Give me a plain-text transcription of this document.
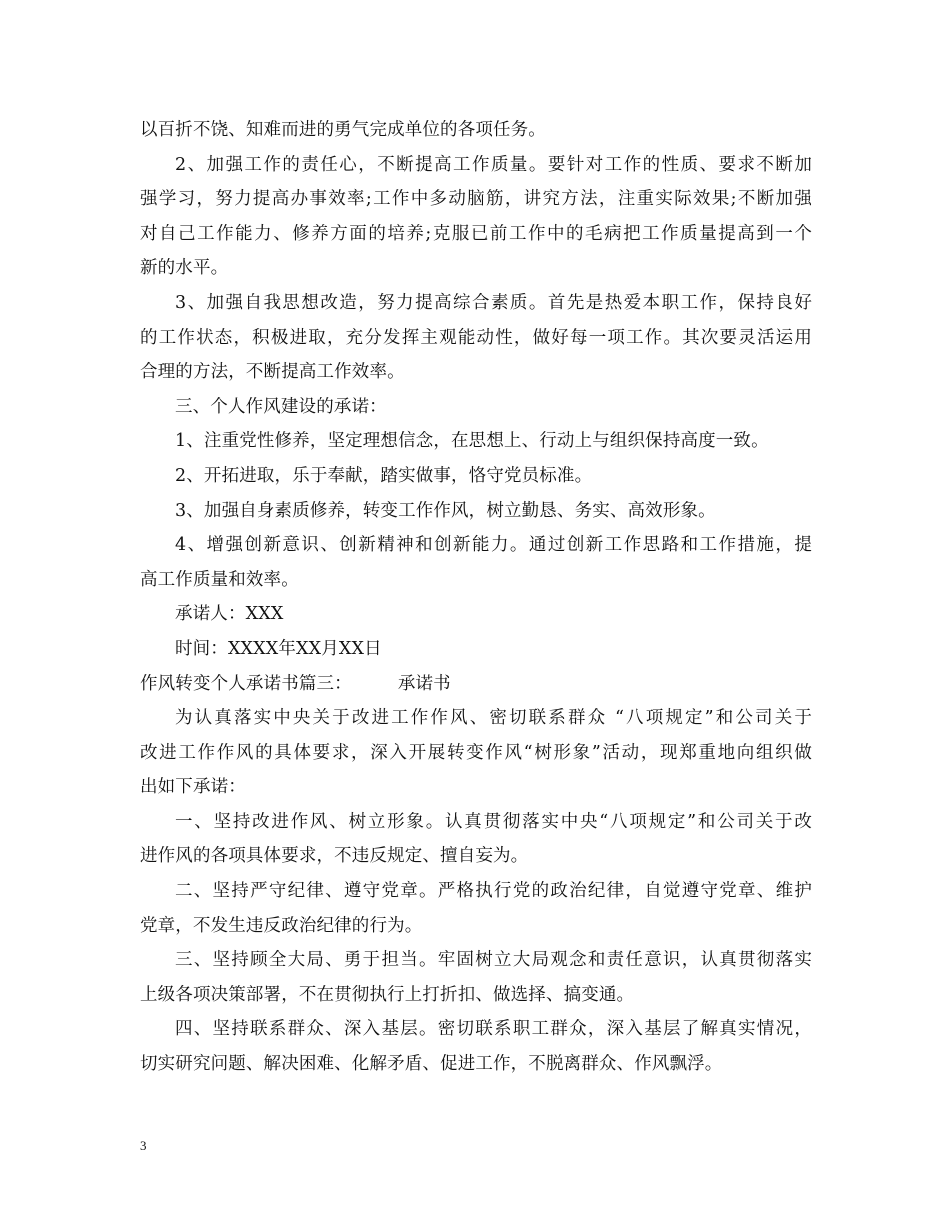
以百折不饶、知难而进的勇气完成单位的各项任务。
2、加强工作的责任心，不断提高工作质量。要针对工作的性质、要求不断加
强学习，努力提高办事效率;工作中多动脑筋，讲究方法，注重实际效果;不断加强
对自己工作能力、修养方面的培养;克服已前工作中的毛病把工作质量提高到一个
新的水平。
3、加强自我思想改造，努力提高综合素质。首先是热爱本职工作，保持良好
的工作状态，积极进取，充分发挥主观能动性，做好每一项工作。其次要灵活运用
合理的方法，不断提高工作效率。
三、个人作风建设的承诺：
1、注重党性修养，坚定理想信念，在思想上、行动上与组织保持高度一致。
2、开拓进取，乐于奉献，踏实做事，恪守党员标准。
3、加强自身素质修养，转变工作作风，树立勤恳、务实、高效形象。
4、增强创新意识、创新精神和创新能力。通过创新工作思路和工作措施，提
高工作质量和效率。
承诺人：XXX
时间：XXXX年XX月XX日
作风转变个人承诺书篇三：	承诺书
为认真落实中央关于改进工作作风、密切联系群众 “八项规定”和公司关于
改进工作作风的具体要求，深入开展转变作风“树形象”活动，现郑重地向组织做
出如下承诺：
一、坚持改进作风、树立形象。认真贯彻落实中央“八项规定”和公司关于改
进作风的各项具体要求，不违反规定、擅自妄为。
二、坚持严守纪律、遵守党章。严格执行党的政治纪律，自觉遵守党章、维护
党章，不发生违反政治纪律的行为。
三、坚持顾全大局、勇于担当。牢固树立大局观念和责任意识，认真贯彻落实
上级各项决策部署，不在贯彻执行上打折扣、做选择、搞变通。
四、坚持联系群众、深入基层。密切联系职工群众，深入基层了解真实情况，
切实研究问题、解决困难、化解矛盾、促进工作，不脱离群众、作风飘浮。
3
